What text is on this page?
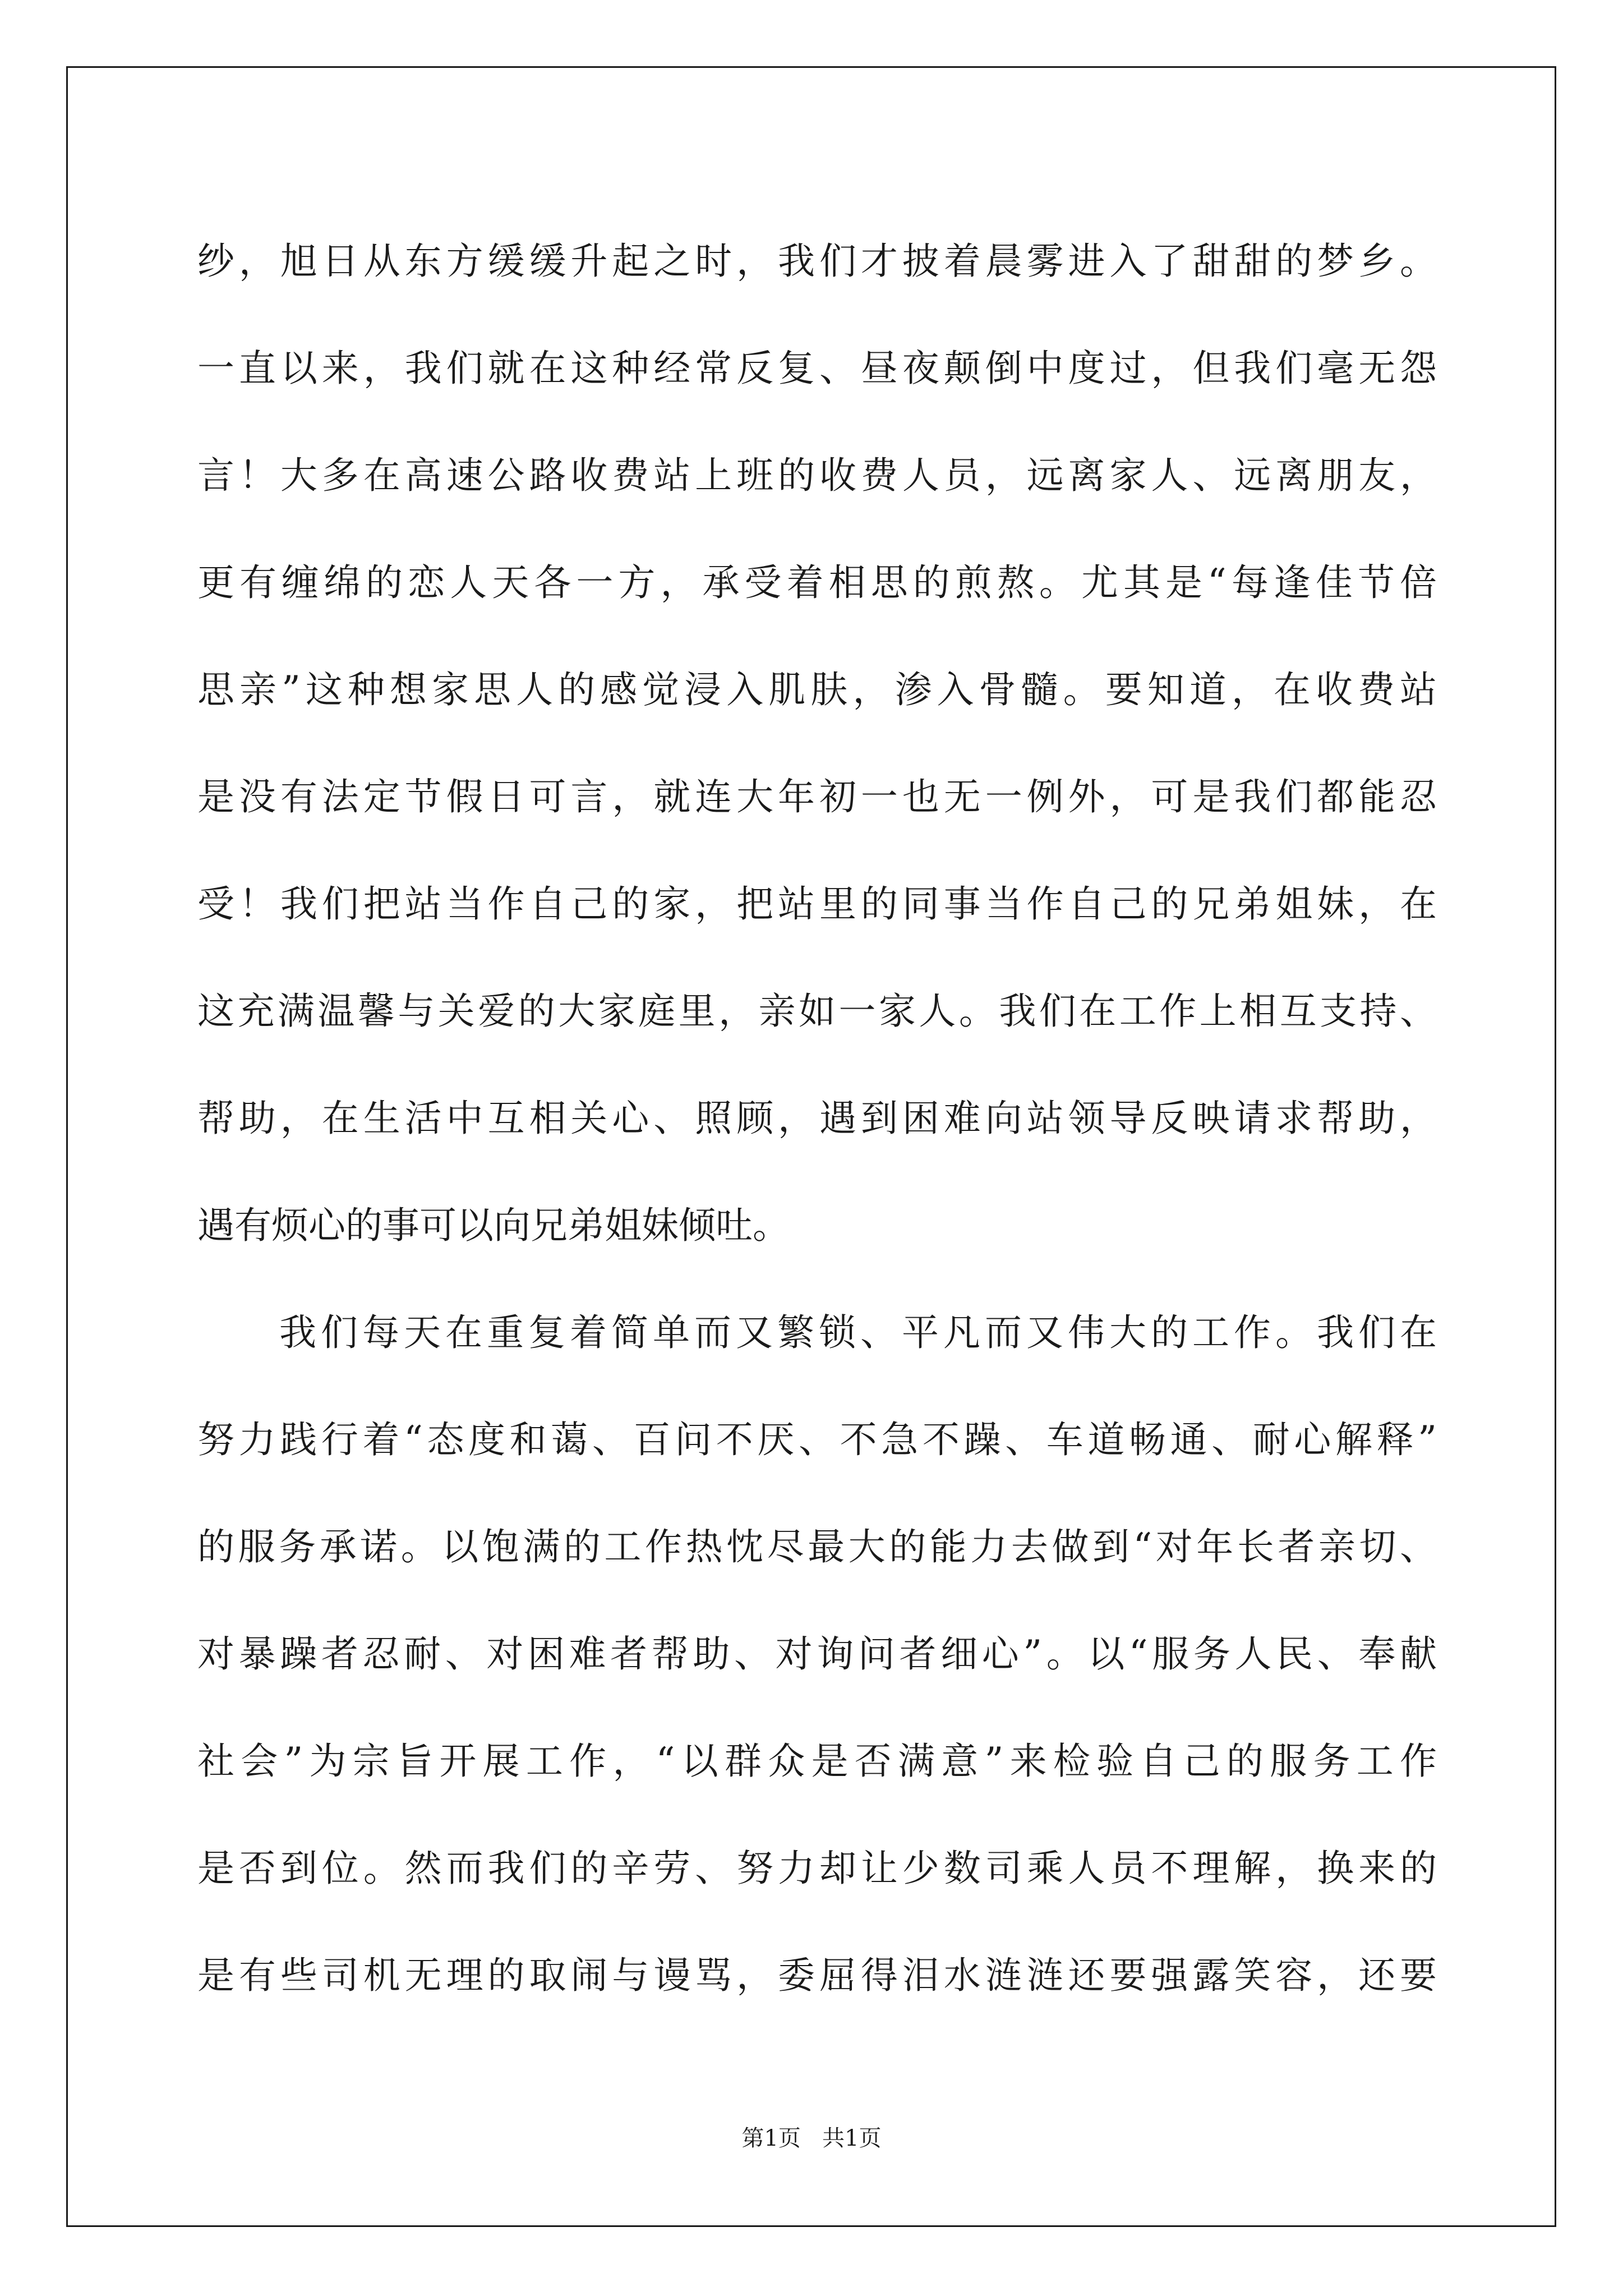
纱，旭日从东方缓缓升起之时，我们才披着晨雾进入了甜甜的梦乡。
一直以来，我们就在这种经常反复、昼夜颠倒中度过，但我们毫无怨
言！大多在高速公路收费站上班的收费人员，远离家人、远离朋友，
更有缠绵的恋人天各一方，承受着相思的煎熬。尤其是“每逢佳节倍
思亲”这种想家思人的感觉浸入肌肤，渗入骨髓。要知道，在收费站
是没有法定节假日可言，就连大年初一也无一例外，可是我们都能忍
受！我们把站当作自己的家，把站里的同事当作自己的兄弟姐妹，在
这充满温馨与关爱的大家庭里，亲如一家人。我们在工作上相互支持、
帮助，在生活中互相关心、照顾，遇到困难向站领导反映请求帮助，
遇有烦心的事可以向兄弟姐妹倾吐。
我们每天在重复着简单而又繁锁、平凡而又伟大的工作。我们在
努力践行着“态度和蔼、百问不厌、不急不躁、车道畅通、耐心解释”
的服务承诺。以饱满的工作热忱尽最大的能力去做到“对年长者亲切、
对暴躁者忍耐、对困难者帮助、对询问者细心”。以“服务人民、奉献
社会”为宗旨开展工作，“以群众是否满意”来检验自己的服务工作
是否到位。然而我们的辛劳、努力却让少数司乘人员不理解，换来的
是有些司机无理的取闹与谩骂，委屈得泪水涟涟还要强露笑容，还要
第1页   共1页
